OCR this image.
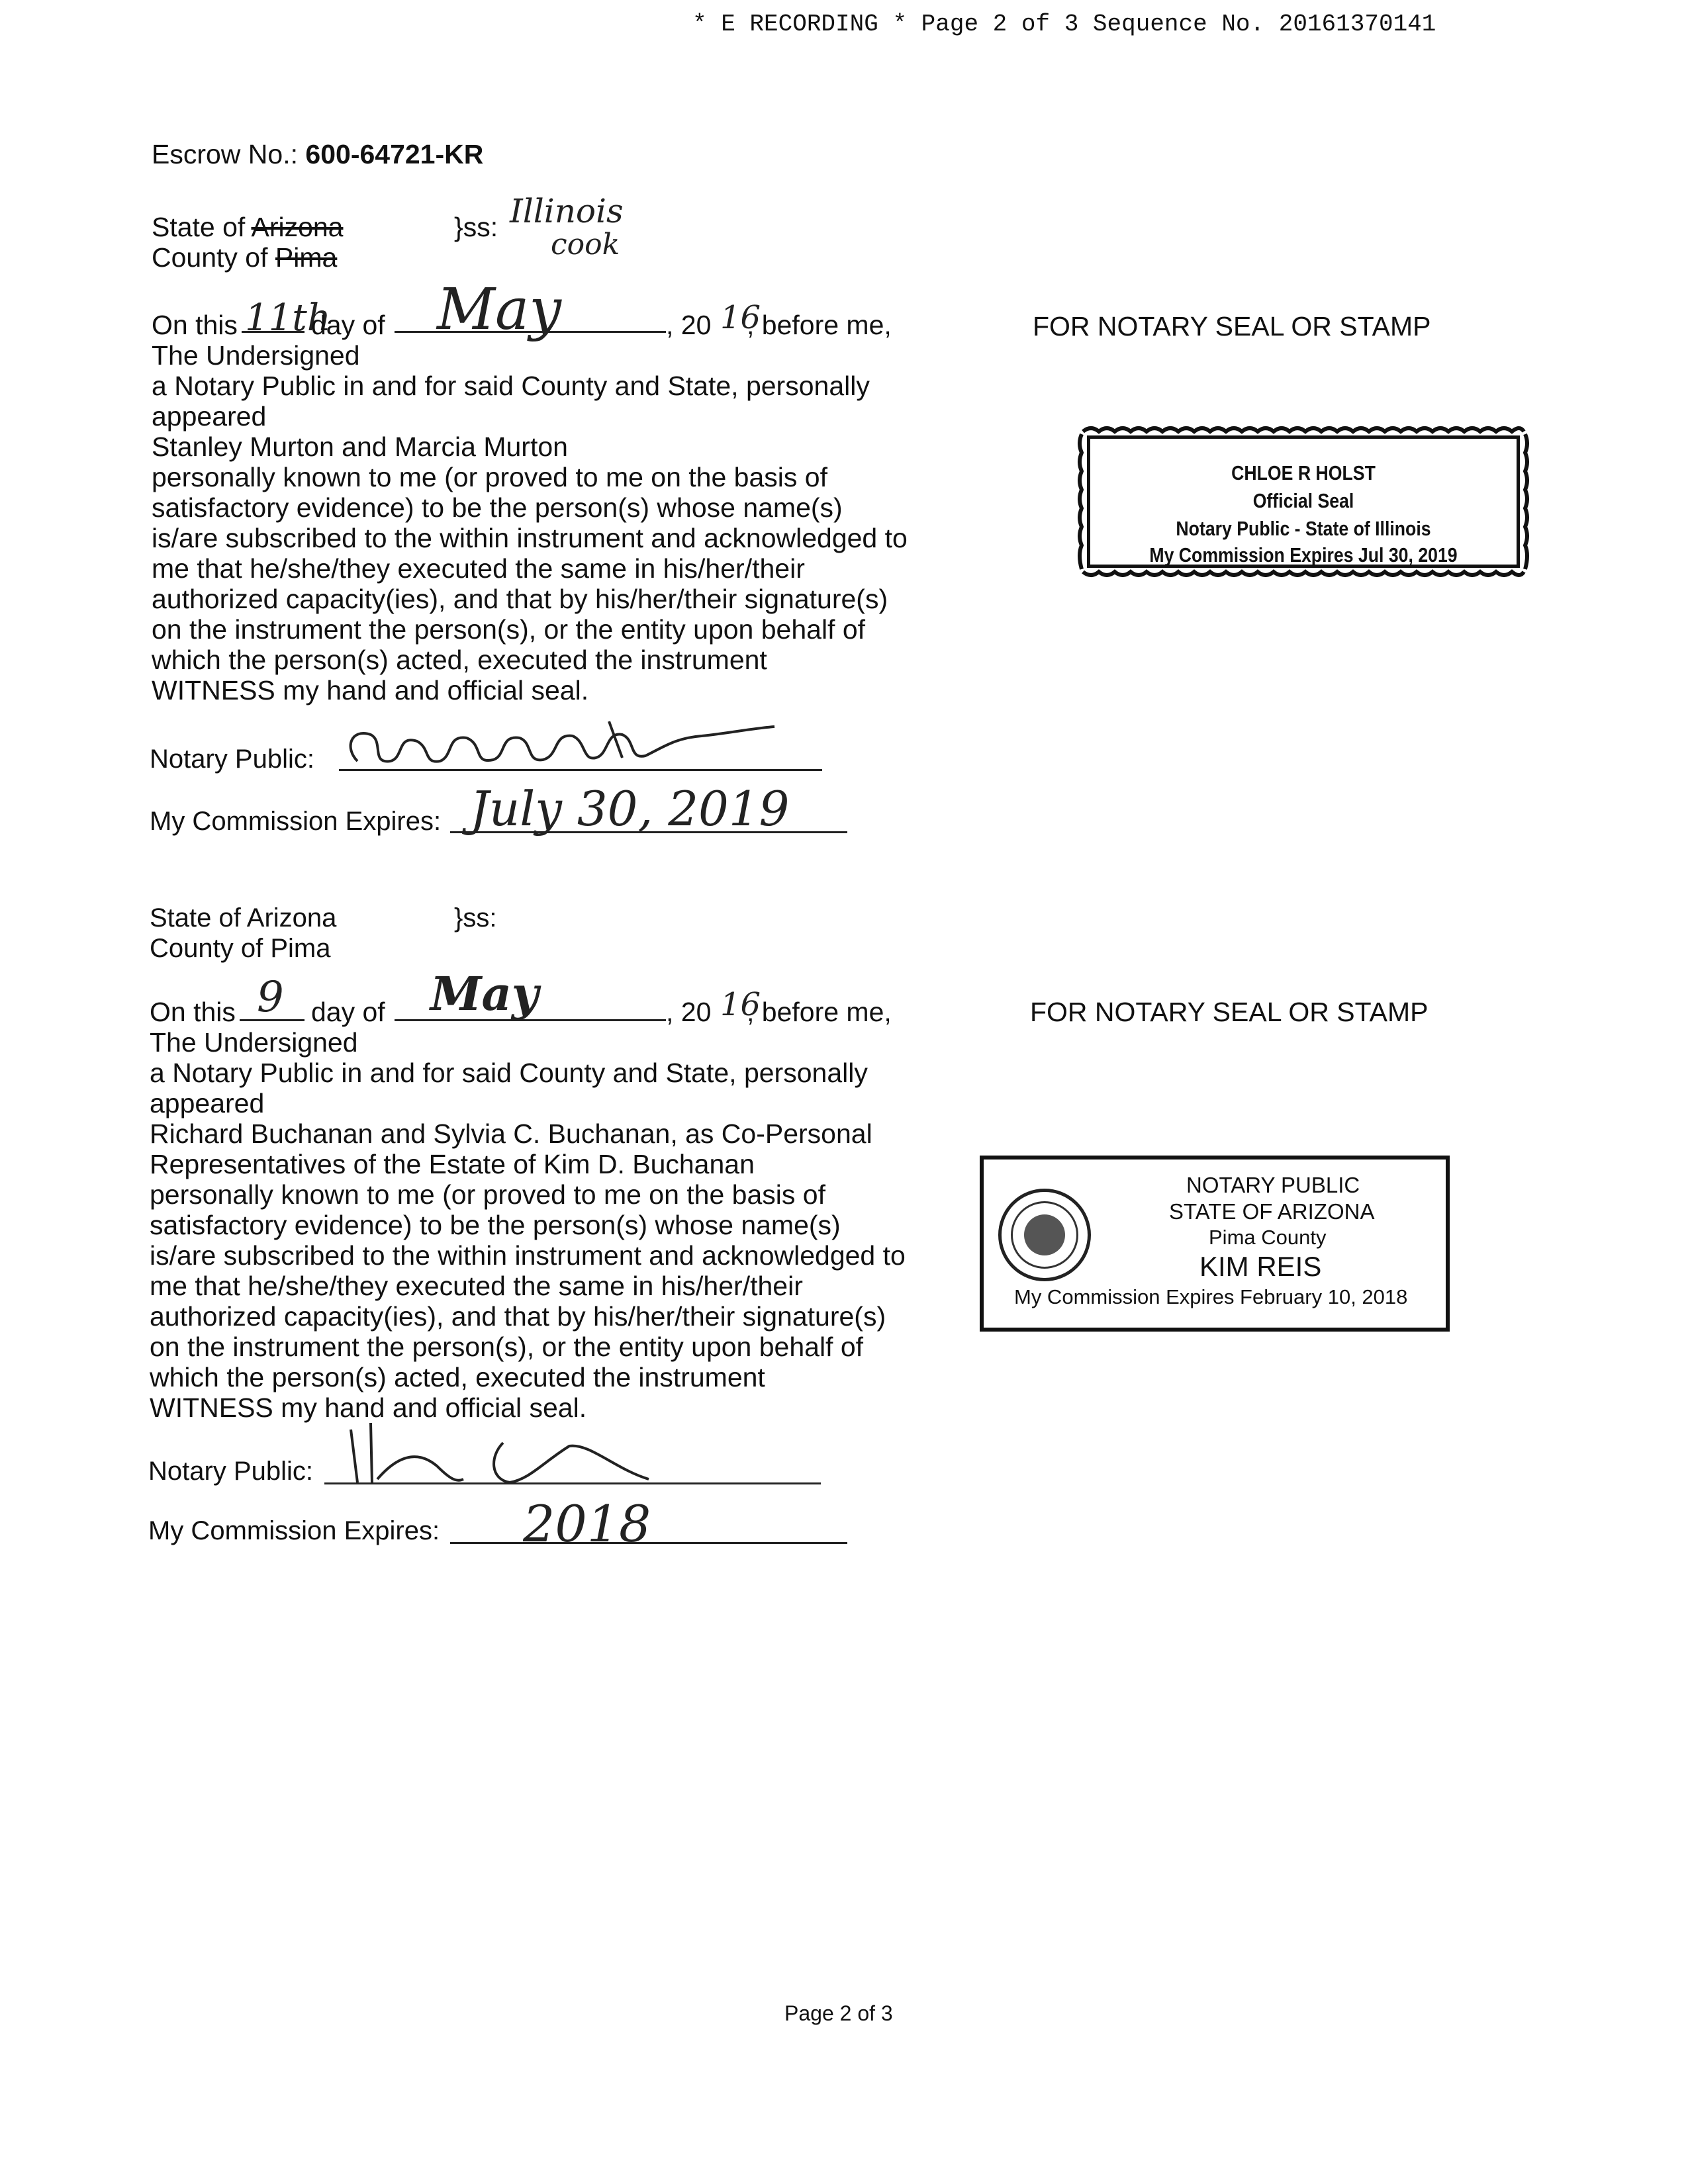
* E RECORDING * Page 2 of 3 Sequence No. 20161370141
Escrow No.: 600-64721-KR
State of Arizona
County of Pima
}ss: Illinois
cook
On this 11th
day of May	, 20 16
, before me,
The Undersigned
a Notary Public in and for said County and State, personally
appeared
Stanley Murton and Marcia Murton
personally known to me (or proved to me on the basis of
satisfactory evidence) to be the person(s) whose name(s)
is/are subscribed to the within instrument and acknowledged to
me that he/she/they executed the same in his/her/their
authorized capacity(ies), and that by his/her/their signature(s)
on the instrument the person(s), or the entity upon behalf of
which the person(s) acted, executed the instrument
WITNESS my hand and official seal.
Notary Public:
My Commission Expires: July 30, 2019
FOR NOTARY SEAL OR STAMP
CHLOE R HOLST
Official Seal
Notary Public - State of Illinois
My Commission Expires Jul 30, 2019
State of Arizona
County of Pima
}ss:
On this 9 day of May	, 20 16
, before me,
The Undersigned
a Notary Public in and for said County and State, personally
appeared
Richard Buchanan and Sylvia C. Buchanan, as Co-Personal
Representatives of the Estate of Kim D. Buchanan
personally known to me (or proved to me on the basis of
satisfactory evidence) to be the person(s) whose name(s)
is/are subscribed to the within instrument and acknowledged to
me that he/she/they executed the same in his/her/their
authorized capacity(ies), and that by his/her/their signature(s)
on the instrument the person(s), or the entity upon behalf of
which the person(s) acted, executed the instrument
WITNESS my hand and official seal.
Notary Public:
My Commission Expires: 2018
FOR NOTARY SEAL OR STAMP
NOTARY PUBLIC
STATE OF ARIZONA
Pima County
KIM REIS
My Commission Expires February 10, 2018
Page 2 of 3
